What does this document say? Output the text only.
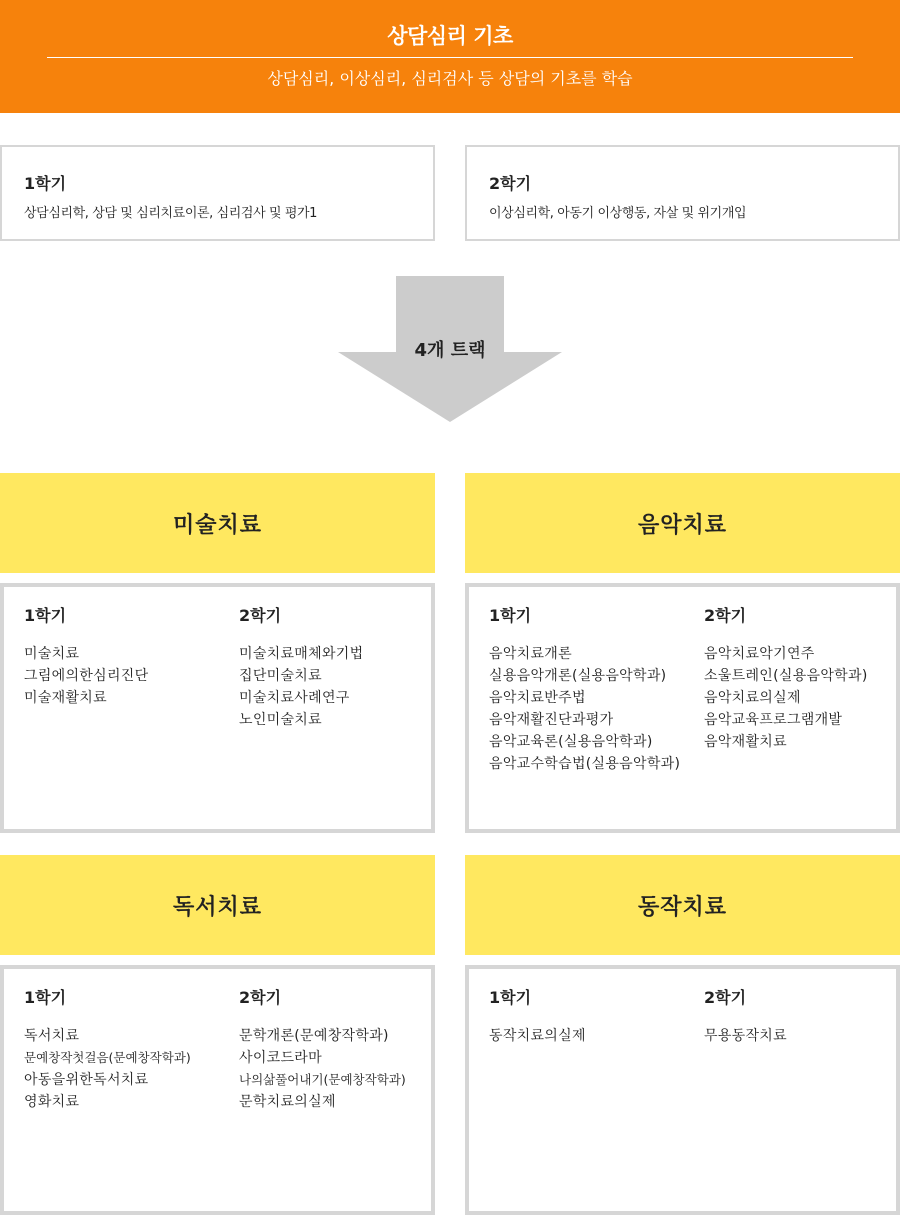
상담심리 기초
상담심리, 이상심리, 심리검사 등 상담의 기초를 학습
1학기
상담심리학, 상담 및 심리치료이론, 심리검사 및 평가1
2학기
이상심리학, 아동기 이상행동, 자살 및 위기개입
4개 트랙
미술치료
1학기
미술치료
그림에의한심리진단
미술재활치료
2학기
미술치료매체와기법
집단미술치료
미술치료사례연구
노인미술치료
음악치료
1학기
음악치료개론
실용음악개론(실용음악학과)
음악치료반주법
음악재활진단과평가
음악교육론(실용음악학과)
음악교수학습법(실용음악학과)
2학기
음악치료악기연주
소울트레인(실용음악학과)
음악치료의실제
음악교육프로그램개발
음악재활치료
독서치료
1학기
독서치료
문예창작첫걸음(문예창작학과)
아동을위한독서치료
영화치료
2학기
문학개론(문예창작학과)
사이코드라마
나의삶풀어내기(문예창작학과)
문학치료의실제
동작치료
1학기
동작치료의실제
2학기
무용동작치료
